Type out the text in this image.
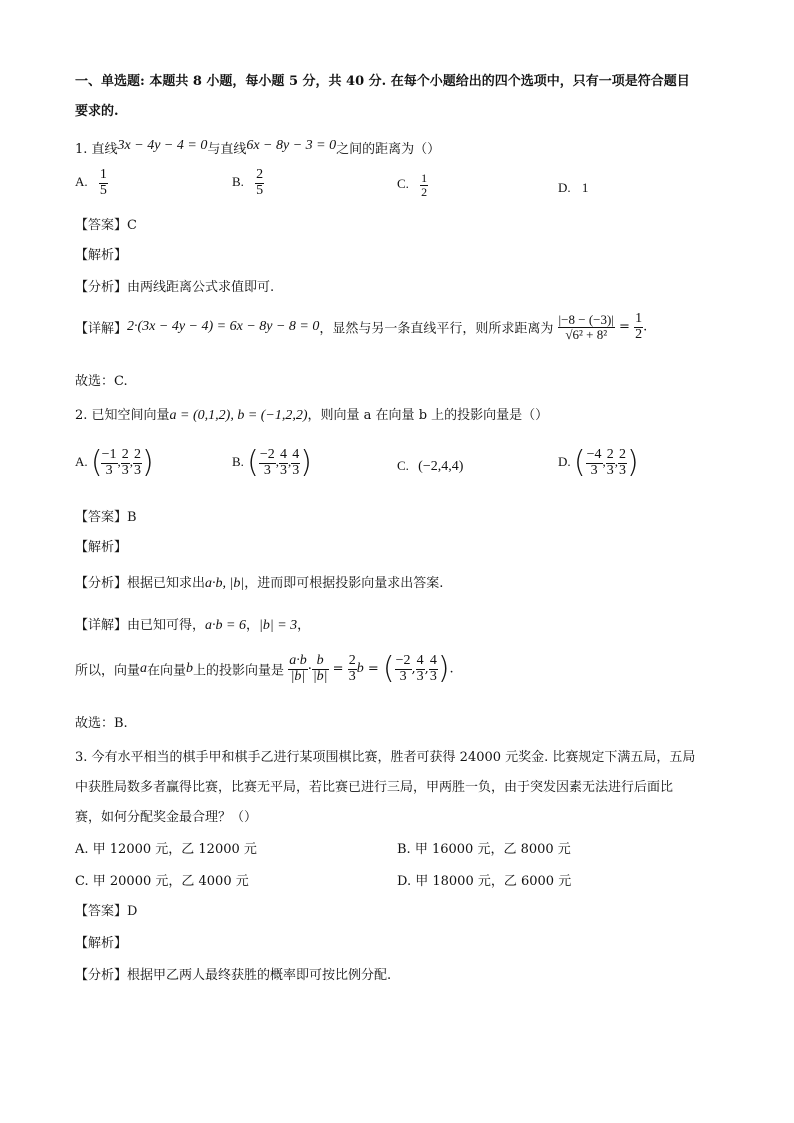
一、单选题: 本题共 8 小题，每小题 5 分，共 40 分. 在每个小题给出的四个选项中，只有一项是符合题目
要求的.
1. 直线3x − 4y − 4 = 0与直线6x − 8y − 3 = 0之间的距离为（）
A. $\frac{1}{5}$	B. $\frac{2}{5}$	C. $\frac{1}{2}$	D. 1
【答案】C
【解析】
【分析】由两线距离公式求值即可.
【详解】2·(3x − 4y − 4) = 6x − 8y − 8 = 0，显然与另一条直线平行，则所求距离为 $\frac{|-8 - (-3)|}{\text{√6² + 8²}} = \frac{1}{2}$ .
故选：C.
2. 已知空间向量a = (0,1,2), b = (−1,2,2)，则向量 a 在向量 b 上的投影向量是（）
A. (
$\frac{-1}{3}$ , $\frac{2}{3}$ , $\frac{2}{3}$ )	B. ( $\frac{-2}{3}$ , $\frac{4}{3}$ , $\frac{4}{3}$ )	C. (−2,4,4)	D. ( $\frac{-4}{3}$ , $\frac{2}{3}$ , $\frac{2}{3}$ )
【答案】B
【解析】
【分析】根据已知求出a·b, |b|，进而即可根据投影向量求出答案.
【详解】由已知可得，a·b = 6，|b| = 3，
所以，向量a在向量b上的投影向量是 $\frac{a\cdot b}{|b|} \cdot \frac{b}{|b|} = \frac{2}{3}$ b = ( $\frac{-2}{3}$ , $\frac{4}{3}$ , $\frac{4}{3}$ ).
故选：B.
3. 今有水平相当的棋手甲和棋手乙进行某项围棋比赛，胜者可获得 24000 元奖金. 比赛规定下满五局，五局
中获胜局数多者赢得比赛，比赛无平局，若比赛已进行三局，甲两胜一负，由于突发因素无法进行后面比
赛，如何分配奖金最合理？（）
A. 甲 12000 元，乙 12000 元	B. 甲 16000 元，乙 8000 元
C. 甲 20000 元，乙 4000 元	D. 甲 18000 元，乙 6000 元
【答案】D
【解析】
【分析】根据甲乙两人最终获胜的概率即可按比例分配.
